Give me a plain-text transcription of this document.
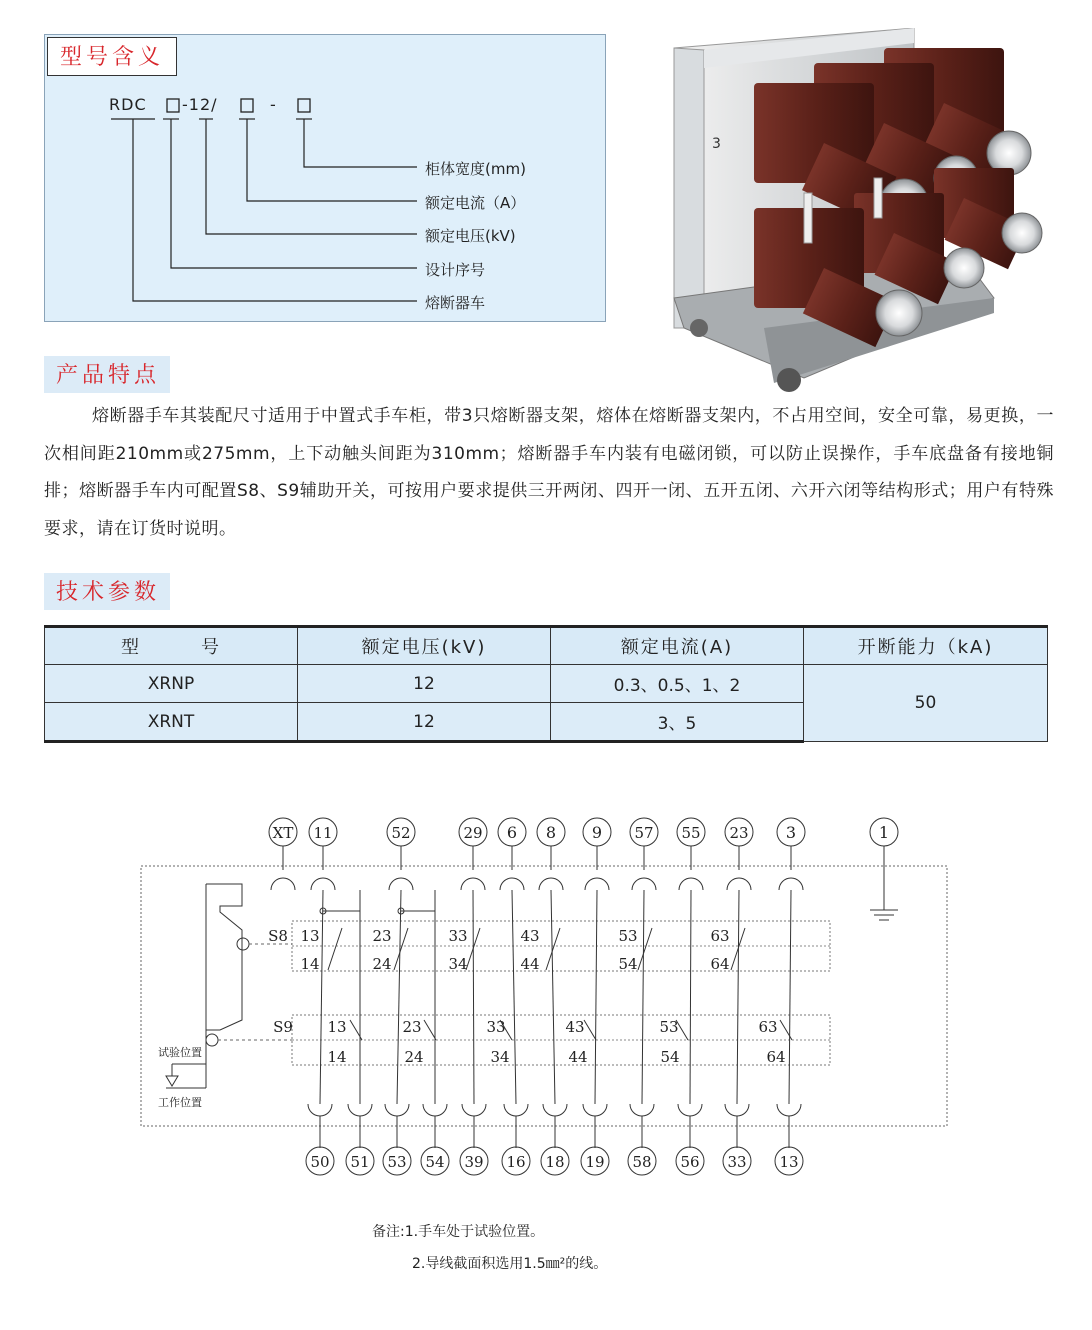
型号含义
RDC -12/	-
柜体宽度(mm)
额定电流（A）
额定电压(kV)
设计序号
熔断器车
3
产品特点
熔断器手车其装配尺寸适用于中置式手车柜，带3只熔断器支架，熔体在熔断器支架内，不占用空间，安全可靠，易更换，一次相间距210mm或275mm，上下动触头间距为310mm；熔断器手车内装有电磁闭锁，可以防止误操作，手车底盘备有接地铜排；熔断器手车内可配置S8、S9辅助开关，可按用户要求提供三开两闭、四开一闭、五开五闭、六开六闭等结构形式；用户有特殊要求，请在订货时说明。
技术参数
型　　　号	额定电压(kV)	额定电流(A)	开断能力（kA)
XRNP	12	0.3、0.5、1、2	50
XRNT	12	3、5	
XT 11	52	29 6 8 9 57 55 23 3	1
50 51 53 54 39 16 18 19 58 56 33 13
S8 13	23	33	43	53	63
14	24	34	44	54	64
S9 13	23	33	43	53	63
14	24	34	44	54	64
试验位置
工作位置
备注:1.手车处于试验位置。
2.导线截面积选用1.5㎜²的线。
